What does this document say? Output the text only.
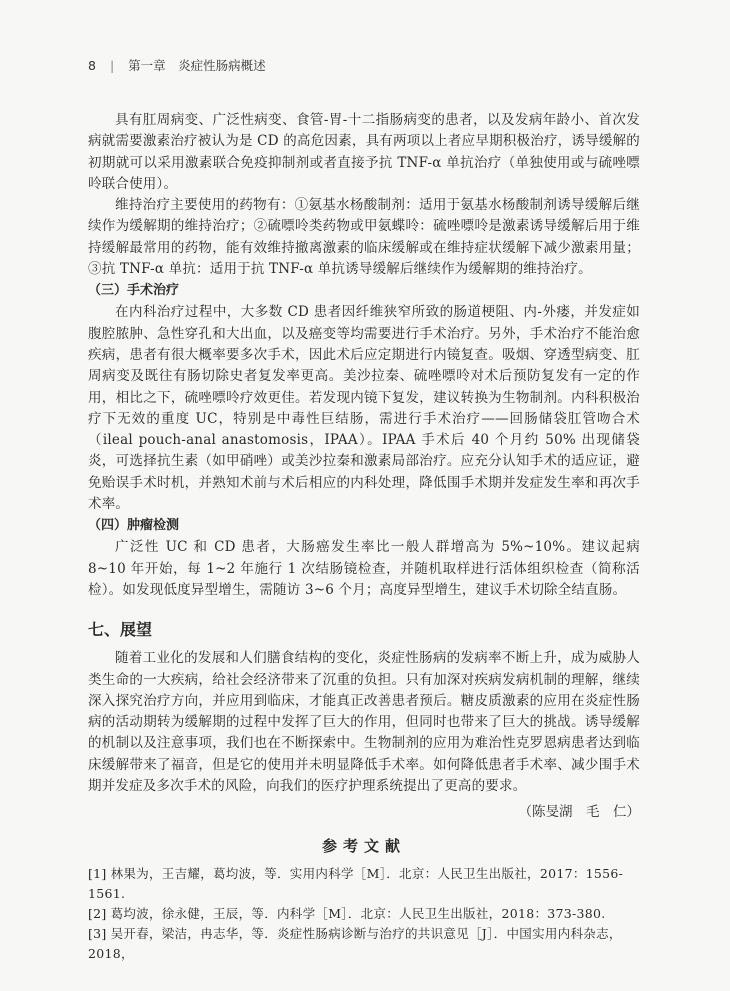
8 | 第一章　炎症性肠病概述

具有肛周病变、广泛性病变、食管-胃-十二指肠病变的患者，以及发病年龄小、首次发病就需要激素治疗被认为是 CD 的高危因素，具有两项以上者应早期积极治疗，诱导缓解的初期就可以采用激素联合免疫抑制剂或者直接予抗 TNF-α 单抗治疗（单独使用或与硫唑嘌呤联合使用）。

维持治疗主要使用的药物有：①氨基水杨酸制剂：适用于氨基水杨酸制剂诱导缓解后继续作为缓解期的维持治疗；②硫嘌呤类药物或甲氨蝶呤：硫唑嘌呤是激素诱导缓解后用于维持缓解最常用的药物，能有效维持撤离激素的临床缓解或在维持症状缓解下减少激素用量；③抗 TNF-α 单抗：适用于抗 TNF-α 单抗诱导缓解后继续作为缓解期的维持治疗。

（三）手术治疗

在内科治疗过程中，大多数 CD 患者因纤维狭窄所致的肠道梗阻、内-外瘘，并发症如腹腔脓肿、急性穿孔和大出血，以及癌变等均需要进行手术治疗。另外，手术治疗不能治愈疾病，患者有很大概率要多次手术，因此术后应定期进行内镜复查。吸烟、穿透型病变、肛周病变及既往有肠切除史者复发率更高。美沙拉秦、硫唑嘌呤对术后预防复发有一定的作用，相比之下，硫唑嘌呤疗效更佳。若发现内镜下复发，建议转换为生物制剂。内科积极治疗下无效的重度 UC，特别是中毒性巨结肠，需进行手术治疗——回肠储袋肛管吻合术（ileal pouch-anal anastomosis，IPAA）。IPAA 手术后 40 个月约 50% 出现储袋炎，可选择抗生素（如甲硝唑）或美沙拉秦和激素局部治疗。应充分认知手术的适应证，避免贻误手术时机，并熟知术前与术后相应的内科处理，降低围手术期并发症发生率和再次手术率。

（四）肿瘤检测

广泛性 UC 和 CD 患者，大肠癌发生率比一般人群增高为 5%~10%。建议起病 8~10 年开始，每 1~2 年施行 1 次结肠镜检查，并随机取样进行活体组织检查（简称活检）。如发现低度异型增生，需随访 3~6 个月；高度异型增生，建议手术切除全结直肠。

七、展望

随着工业化的发展和人们膳食结构的变化，炎症性肠病的发病率不断上升，成为威胁人类生命的一大疾病，给社会经济带来了沉重的负担。只有加深对疾病发病机制的理解，继续深入探究治疗方向，并应用到临床，才能真正改善患者预后。糖皮质激素的应用在炎症性肠病的活动期转为缓解期的过程中发挥了巨大的作用，但同时也带来了巨大的挑战。诱导缓解的机制以及注意事项，我们也在不断探索中。生物制剂的应用为难治性克罗恩病患者达到临床缓解带来了福音，但是它的使用并未明显降低手术率。如何降低患者手术率、减少围手术期并发症及多次手术的风险，向我们的医疗护理系统提出了更高的要求。

（陈旻湖　毛　仁）
参考文献
[1] 林果为，王吉耀，葛均波，等．实用内科学［M］．北京：人民卫生出版社，2017：1556-1561.
[2] 葛均波，徐永健，王辰，等．内科学［M］．北京：人民卫生出版社，2018：373-380.
[3] 吴开春，梁洁，冉志华，等．炎症性肠病诊断与治疗的共识意见［J］．中国实用内科杂志，2018，
